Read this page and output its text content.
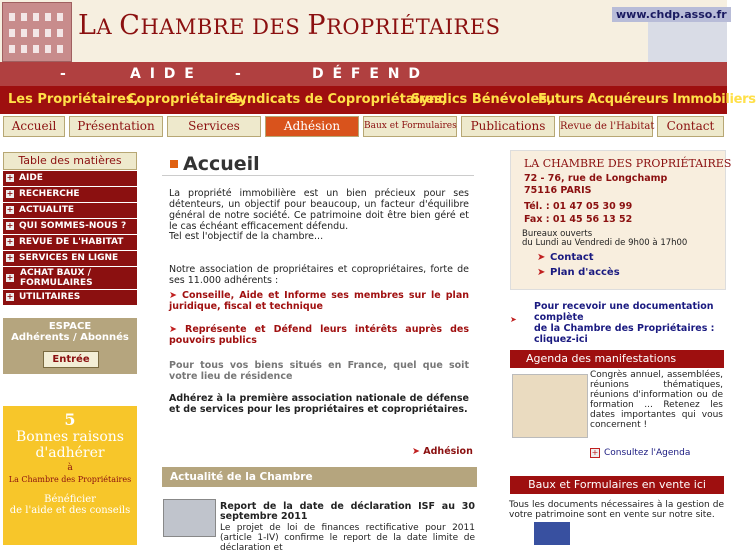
LA CHAMBRE DES PROPRIÉTAIRES
www.chdp.asso.fr
-	A I D E	-	D É F E N D
Les Propriétaires,
Copropriétaires,
Syndicats de Copropriétaires,
Syndics Bénévoles,
Futurs Acquéreurs Immobiliers
Accueil	Présentation	Services	Adhésion	Baux et Formulaires	Publications	Revue de l'Habitat	Contact
Table des matières
+ AIDE
+ RECHERCHE
+ ACTUALITE
+ QUI SOMMES-NOUS ?
+ REVUE DE L'HABITAT
+ SERVICES EN LIGNE
+ ACHAT BAUX / FORMULAIRES
+ UTILITAIRES
ESPACE
Adhérents / Abonnés
Entrée
5
Bonnes raisons
d'adhérer
à
La Chambre des Propriétaires
Bénéficier
de l'aide et des conseils
Accueil
La propriété immobilière est un bien précieux pour ses détenteurs, un objectif pour beaucoup, un facteur d'équilibre général de notre société. Ce patrimoine doit être bien géré et le cas échéant efficacement défendu.
Tel est l'objectif de la chambre...
Notre association de propriétaires et copropriétaires, forte de ses 11.000 adhérents :
➤ Conseille, Aide et Informe ses membres sur le plan juridique, fiscal et technique
➤ Représente et Défend leurs intérêts auprès des pouvoirs publics
Pour tous vos biens situés en France, quel que soit votre lieu de résidence
Adhérez à la première association nationale de défense et de services pour les propriétaires et copropriétaires.
➤ Adhésion
Actualité de la Chambre
Report de la date de déclaration ISF au 30 septembre 2011
Le projet de loi de finances rectificative pour 2011 (article 1-IV) confirme le report de la date limite de déclaration et
LA CHAMBRE DES PROPRIÉTAIRES
72 - 76, rue de Longchamp
75116 PARIS
Tél. : 01 47 05 30 99
Fax : 01 45 56 13 52
Bureaux ouverts
du Lundi au Vendredi de 9h00 à 17h00
➤ Contact
➤ Plan d'accès
➤
Pour recevoir une documentation complète
de la Chambre des Propriétaires : cliquez-ici
Agenda des manifestations
Congrès annuel, assemblées, réunions thématiques, réunions d'information ou de formation ... Retenez les dates importantes qui vous concernent !
+ Consultez l'Agenda
Baux et Formulaires en vente ici
Tous les documents nécessaires à la gestion de votre patrimoine sont en vente sur notre site.
